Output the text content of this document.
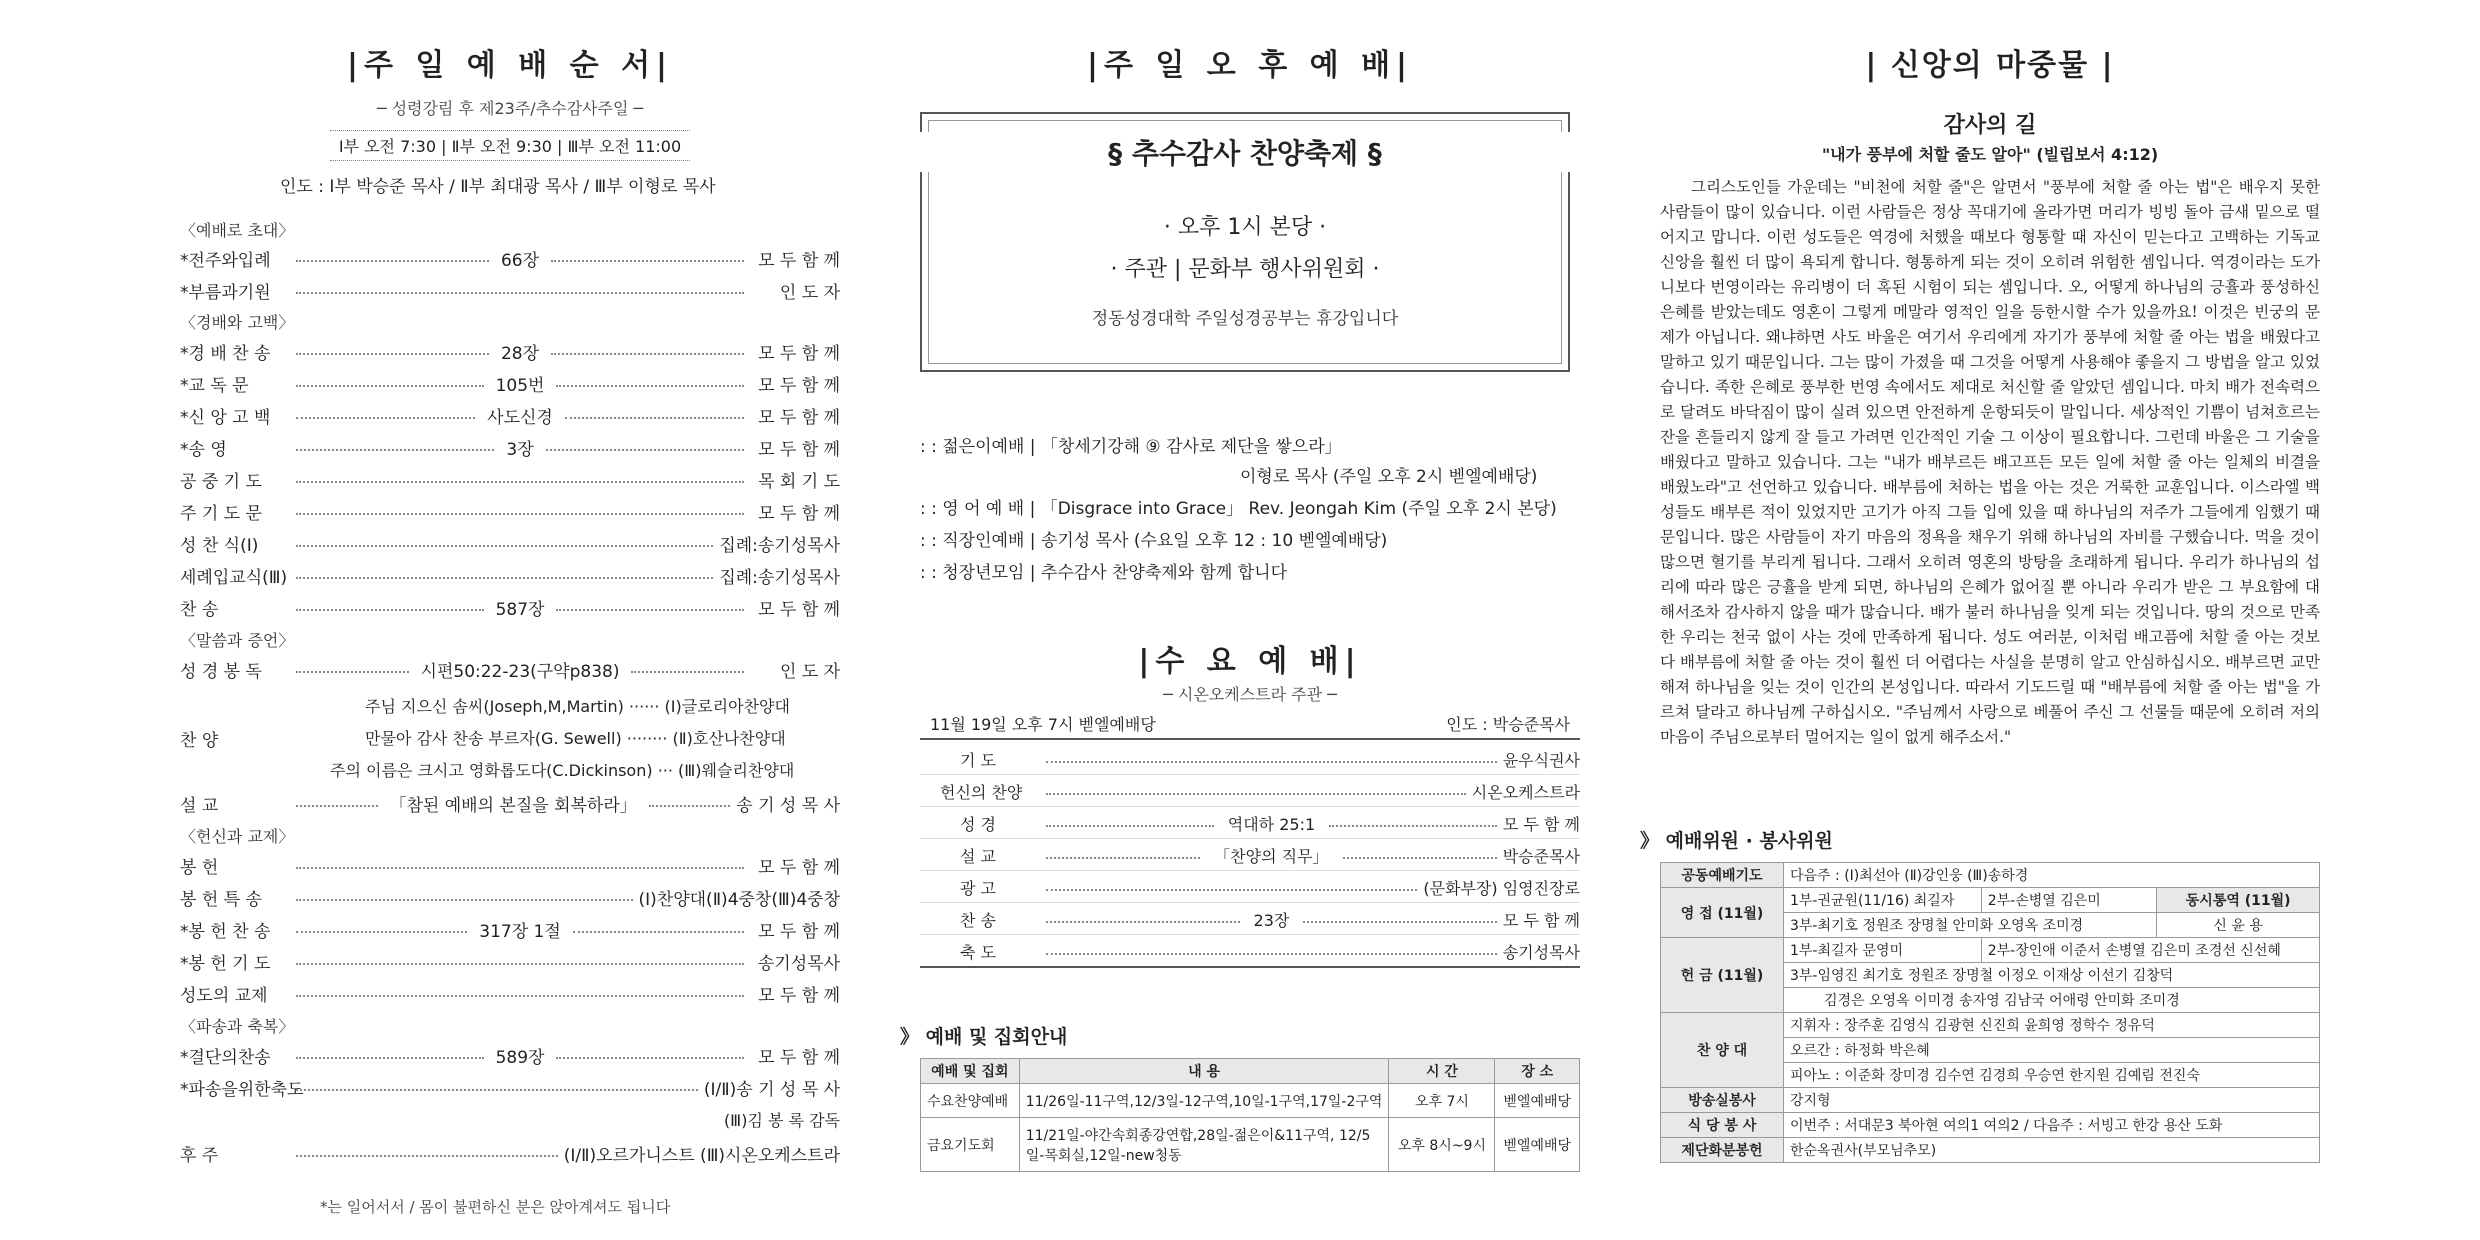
|주 일 예 배 순 서|
─ 성령강림 후 제23주/추수감사주일 ─
Ⅰ부 오전 7:30 | Ⅱ부 오전 9:30 | Ⅲ부 오전 11:00
인도 : Ⅰ부 박승준 목사 / Ⅱ부 최대광 목사 / Ⅲ부 이형로 목사
〈예배로 초대〉
*전주와입례	66장	모 두 함 께
*부름과기원	인 도 자
〈경배와 고백〉
*경 배 찬 송	28장	모 두 함 께
*교 독 문	105번	모 두 함 께
*신 앙 고 백	사도신경	모 두 함 께
*송 영	3장	모 두 함 께
공 중 기 도	목 회 기 도
주 기 도 문	모 두 함 께
성 찬 식(Ⅰ)	집례:송기성목사
세례입교식(Ⅲ)	집례:송기성목사
찬 송	587장	모 두 함 께
〈말씀과 증언〉
성 경 봉 독	시편50:22-23(구약p838)	인 도 자
주님 지으신 솜씨(Joseph,M,Martin) ······ (Ⅰ)글로리아찬양대
찬 양	만물아 감사 찬송 부르자(G. Sewell) ········ (Ⅱ)호산나찬양대
주의 이름은 크시고 영화롭도다(C.Dickinson) ··· (Ⅲ)웨슬리찬양대
설 교	「참된 예배의 본질을 회복하라」	송 기 성 목 사
〈헌신과 교제〉
봉 헌	모 두 함 께
봉 헌 특 송	(Ⅰ)찬양대(Ⅱ)4중창(Ⅲ)4중창
*봉 헌 찬 송	317장 1절	모 두 함 께
*봉 헌 기 도	송기성목사
성도의 교제	모 두 함 께
〈파송과 축복〉
*결단의찬송	589장	모 두 함 께
*파송을위한축도	(Ⅰ/Ⅱ)송 기 성 목 사
(Ⅲ)김 봉 록 감독
후 주	(Ⅰ/Ⅱ)오르가니스트 (Ⅲ)시온오케스트라
*는 일어서서 / 몸이 불편하신 분은 앉아계셔도 됩니다
|주 일 오 후 예 배|
§ 추수감사 찬양축제 §
· 오후 1시 본당 ·
· 주관 | 문화부 행사위원회 ·
정동성경대학 주일성경공부는 휴강입니다
: : 젊은이예배 | 「창세기강해 ⑨ 감사로 제단을 쌓으라」
이형로 목사 (주일 오후 2시 벧엘예배당)
: : 영 어 예 배 | 「Disgrace into Grace」 Rev. Jeongah Kim (주일 오후 2시 본당)
: : 직장인예배 | 송기성 목사 (수요일 오후 12 : 10 벧엘예배당)
: : 청장년모임 | 추수감사 찬양축제와 함께 합니다
|수 요 예 배|
─ 시온오케스트라 주관 ─
11월 19일 오후 7시 벧엘예배당	인도 : 박승준목사
기 도	윤우식권사
헌신의 찬양	시온오케스트라
성 경	역대하 25:1	모 두 함 께
설 교	「찬양의 직무」	박승준목사
광 고	(문화부장) 임영진장로
찬 송	23장	모 두 함 께
축 도	송기성목사
》 예배 및 집회안내
예배 및 집회	내 용	시 간	장 소
수요찬양예배	11/26일-11구역,12/3일-12구역,10일-1구역,17일-2구역	오후 7시	벧엘예배당
금요기도회	11/21일-야간속회종강연합,28일-젊은이&11구역, 12/5일-목회실,12일-new청동	오후 8시~9시	벧엘예배당
| 신앙의 마중물 |
감사의 길
"내가 풍부에 처할 줄도 알아" (빌립보서 4:12)

그리스도인들 가운데는 "비천에 처할 줄"은 알면서 "풍부에 처할 줄 아는 법"은 배우지 못한 사람들이 많이 있습니다. 이런 사람들은 정상 꼭대기에 올라가면 머리가 빙빙 돌아 금새 밑으로 떨어지고 맙니다. 이런 성도들은 역경에 처했을 때보다 형통할 때 자신이 믿는다고 고백하는 기독교 신앙을 훨씬 더 많이 욕되게 합니다. 형통하게 되는 것이 오히려 위험한 셈입니다. 역경이라는 도가니보다 번영이라는 유리병이 더 혹된 시험이 되는 셈입니다. 오, 어떻게 하나님의 긍휼과 풍성하신 은혜를 받았는데도 영혼이 그렇게 메말라 영적인 일을 등한시할 수가 있을까요! 이것은 빈궁의 문제가 아닙니다. 왜냐하면 사도 바울은 여기서 우리에게 자기가 풍부에 처할 줄 아는 법을 배웠다고 말하고 있기 때문입니다. 그는 많이 가졌을 때 그것을 어떻게 사용해야 좋을지 그 방법을 알고 있었습니다. 족한 은혜로 풍부한 번영 속에서도 제대로 처신할 줄 알았던 셈입니다. 마치 배가 전속력으로 달려도 바닥짐이 많이 실려 있으면 안전하게 운항되듯이 말입니다. 세상적인 기쁨이 넘쳐흐르는 잔을 흔들리지 않게 잘 들고 가려면 인간적인 기술 그 이상이 필요합니다. 그런데 바울은 그 기술을 배웠다고 말하고 있습니다. 그는 "내가 배부르든 배고프든 모든 일에 처할 줄 아는 일체의 비결을 배웠노라"고 선언하고 있습니다. 배부름에 처하는 법을 아는 것은 거룩한 교훈입니다. 이스라엘 백성들도 배부른 적이 있었지만 고기가 아직 그들 입에 있을 때 하나님의 저주가 그들에게 임했기 때문입니다. 많은 사람들이 자기 마음의 정욕을 채우기 위해 하나님의 자비를 구했습니다. 먹을 것이 많으면 혈기를 부리게 됩니다. 그래서 오히려 영혼의 방탕을 초래하게 됩니다. 우리가 하나님의 섭리에 따라 많은 긍휼을 받게 되면, 하나님의 은혜가 없어질 뿐 아니라 우리가 받은 그 부요함에 대해서조차 감사하지 않을 때가 많습니다. 배가 불러 하나님을 잊게 되는 것입니다. 땅의 것으로 만족한 우리는 천국 없이 사는 것에 만족하게 됩니다. 성도 여러분, 이처럼 배고픔에 처할 줄 아는 것보다 배부름에 처할 줄 아는 것이 훨씬 더 어렵다는 사실을 분명히 알고 안심하십시오. 배부르면 교만해져 하나님을 잊는 것이 인간의 본성입니다. 따라서 기도드릴 때 "배부름에 처할 줄 아는 법"을 가르쳐 달라고 하나님께 구하십시오. "주님께서 사랑으로 베풀어 주신 그 선물들 때문에 오히려 저의 마음이 주님으로부터 멀어지는 일이 없게 해주소서."

》 예배위원 · 봉사위원
공동예배기도	다음주 : (Ⅰ)최선아 (Ⅱ)강인웅 (Ⅲ)송하경		
영 접 (11월)	1부-권균원(11/16) 최길자	2부-손병열 김은미	동시통역 (11월)
	3부-최기호 정원조 장명철 안미화 오영옥 조미경		신 윤 용
헌 금 (11월)	1부-최길자 문영미	2부-장인애 이준서 손병열 김은미 조경선 신선혜	
	3부-임영진 최기호 정원조 장명철 이정오 이재상 이선기 김창덕		
	김경은 오영옥 이미경 송자영 김남국 어애령 안미화 조미경		
찬 양 대	지휘자 : 장주훈 김영식 김광현 신진희 윤희영 정학수 정유덕		
	오르간 : 하정화 박은혜		
	피아노 : 이준화 장미경 김수연 김경희 우승연 한지원 김예림 전진숙		
방송실봉사	강지형		
식 당 봉 사	이번주 : 서대문3 북아현 여의1 여의2 / 다음주 : 서빙고 한강 용산 도화		
제단화분봉헌	한순옥권사(부모님추모)		
